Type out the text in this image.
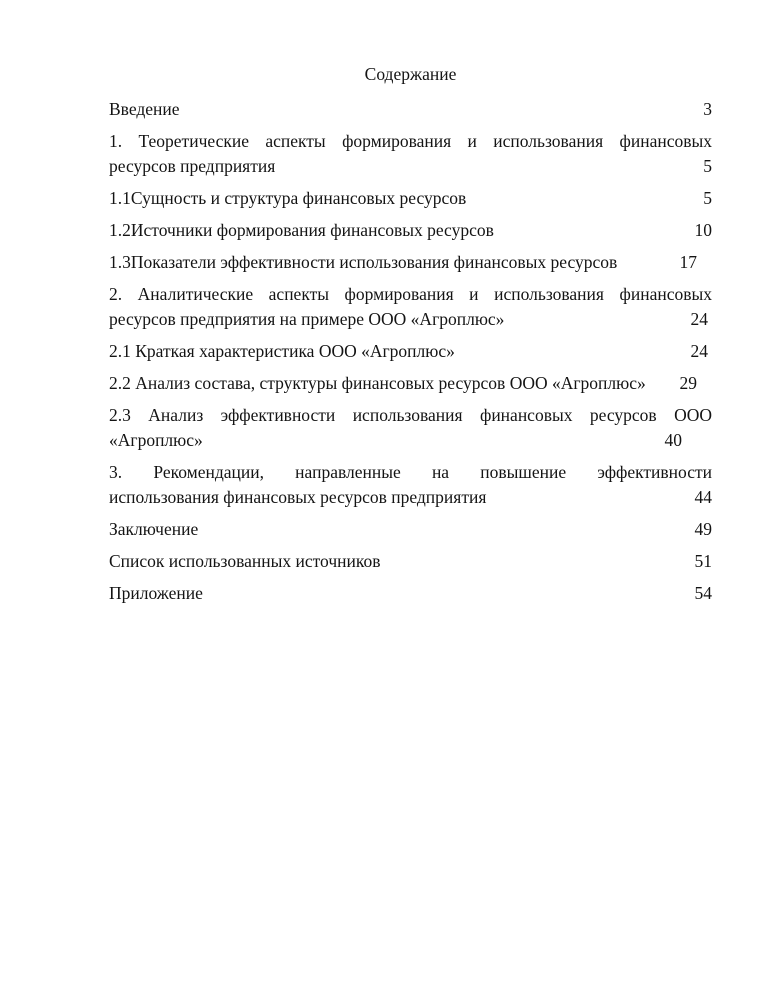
Содержание
Введение	3
1. Теоретические аспекты формирования и использования финансовых
ресурсов предприятия	5
1.1Сущность и структура финансовых ресурсов	5
1.2Источники формирования финансовых ресурсов	10
1.3Показатели эффективности использования финансовых ресурсов	17
2. Аналитические аспекты формирования и использования финансовых
ресурсов предприятия на примере ООО «Агроплюс»	24
2.1 Краткая характеристика ООО «Агроплюс»	24
2.2 Анализ состава, структуры финансовых ресурсов ООО «Агроплюс»	29
2.3 Анализ эффективности использования финансовых ресурсов ООО
«Агроплюс»	40
3. Рекомендации, направленные на повышение эффективности
использования финансовых ресурсов предприятия	44
Заключение	49
Список использованных источников	51
Приложение	54
